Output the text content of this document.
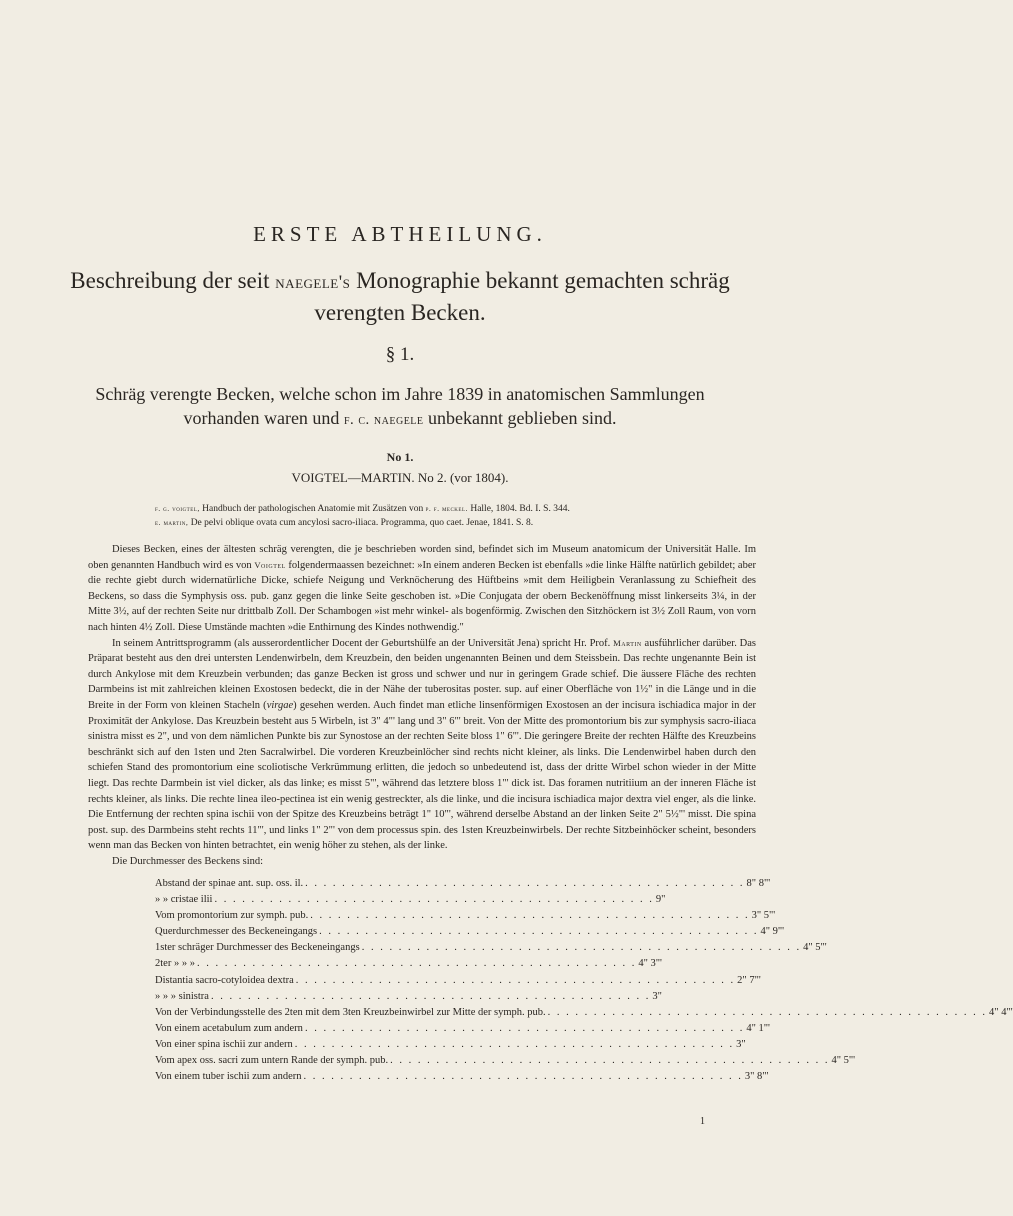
ERSTE ABTHEILUNG.
Beschreibung der seit naegele's Monographie bekannt gemachten schräg verengten Becken.
§ 1.
Schräg verengte Becken, welche schon im Jahre 1839 in anatomischen Sammlungen vorhanden waren und f. c. naegele unbekannt geblieben sind.
No 1.
VOIGTEL—MARTIN. No 2. (vor 1804).
f. g. voigtel, Handbuch der pathologischen Anatomie mit Zusätzen von p. f. meckel. Halle, 1804. Bd. I. S. 344.
e. martin, De pelvi oblique ovata cum ancylosi sacro-iliaca. Programma, quo caet. Jenae, 1841. S. 8.

Dieses Becken, eines der ältesten schräg verengten, die je beschrieben worden sind, befindet sich im Museum anatomicum der Universität Halle. Im oben genannten Handbuch wird es von Voigtel folgendermaassen bezeichnet: »In einem anderen Becken ist ebenfalls »die linke Hälfte natürlich gebildet; aber die rechte giebt durch widernatürliche Dicke, schiefe Neigung und Verknöcherung des Hüftbeins »mit dem Heiligbein Veranlassung zu Schiefheit des Beckens, so dass die Symphysis oss. pub. ganz gegen die linke Seite geschoben ist. »Die Conjugata der obern Beckenöffnung misst linkerseits 3¼, in der Mitte 3½, auf der rechten Seite nur drittbalb Zoll. Der Schambogen »ist mehr winkel- als bogenförmig. Zwischen den Sitzhöckern ist 3½ Zoll Raum, von vorn nach hinten 4½ Zoll. Diese Umstände machten »die Enthirnung des Kindes nothwendig."

In seinem Antrittsprogramm (als ausserordentlicher Docent der Geburtshülfe an der Universität Jena) spricht Hr. Prof. Martin ausführlicher darüber. Das Präparat besteht aus den drei untersten Lendenwirbeln, dem Kreuzbein, den beiden ungenannten Beinen und dem Steissbein. Das rechte ungenannte Bein ist durch Ankylose mit dem Kreuzbein verbunden; das ganze Becken ist gross und schwer und nur in geringem Grade schief. Die äussere Fläche des rechten Darmbeins ist mit zahlreichen kleinen Exostosen bedeckt, die in der Nähe der tuberositas poster. sup. auf einer Oberfläche von 1½" in die Länge und in die Breite in der Form von kleinen Stacheln (virgae) gesehen werden. Auch findet man etliche linsenförmigen Exostosen an der incisura ischiadica major in der Proximität der Ankylose. Das Kreuzbein besteht aus 5 Wirbeln, ist 3" 4"' lang und 3" 6"' breit. Von der Mitte des promontorium bis zur symphysis sacro-iliaca sinistra misst es 2", und von dem nämlichen Punkte bis zur Synostose an der rechten Seite bloss 1" 6"'. Die geringere Breite der rechten Hälfte des Kreuzbeins beschränkt sich auf den 1sten und 2ten Sacralwirbel. Die vorderen Kreuzbeinlöcher sind rechts nicht kleiner, als links. Die Lendenwirbel haben durch den schiefen Stand des promontorium eine scoliotische Verkrümmung erlitten, die jedoch so unbedeutend ist, dass der dritte Wirbel schon wieder in der Mitte liegt. Das rechte Darmbein ist viel dicker, als das linke; es misst 5"', während das letztere bloss 1"' dick ist. Das foramen nutritiium an der inneren Fläche ist rechts kleiner, als links. Die rechte linea ileo-pectinea ist ein wenig gestreckter, als die linke, und die incisura ischiadica major dextra viel enger, als die linke. Die Entfernung der rechten spina ischii von der Spitze des Kreuzbeins beträgt 1" 10"', während derselbe Abstand an der linken Seite 2" 5½"' misst. Die spina post. sup. des Darmbeins steht rechts 11"', und links 1" 2"' von dem processus spin. des 1sten Kreuzbeinwirbels. Der rechte Sitzbeinhöcker scheint, besonders wenn man das Becken von hinten betrachtet, ein wenig höher zu stehen, als der linke.

Die Durchmesser des Beckens sind:

Abstand der spinae ant. sup. oss. il. . . . . . . . . . . . . . . . . . . . . . . . . . . . . . . . . . . . . . . . . . . . . . . . . 8" 8"'
» » cristae ilii . . . . . . . . . . . . . . . . . . . . . . . . . . . . . . . . . . . . . . . . . . . . . . . . 9"
Vom promontorium zur symph. pub. . . . . . . . . . . . . . . . . . . . . . . . . . . . . . . . . . . . . . . . . . . . . . . . . 3" 5"'
Querdurchmesser des Beckeneingangs . . . . . . . . . . . . . . . . . . . . . . . . . . . . . . . . . . . . . . . . . . . . . . . . 4" 9"'
1ster schräger Durchmesser des Beckeneingangs . . . . . . . . . . . . . . . . . . . . . . . . . . . . . . . . . . . . . . . . . . . . . . . . 4" 5"'
2ter » » » . . . . . . . . . . . . . . . . . . . . . . . . . . . . . . . . . . . . . . . . . . . . . . . . 4" 3"'
Distantia sacro-cotyloidea dextra . . . . . . . . . . . . . . . . . . . . . . . . . . . . . . . . . . . . . . . . . . . . . . . . 2" 7"'
» » » sinistra . . . . . . . . . . . . . . . . . . . . . . . . . . . . . . . . . . . . . . . . . . . . . . . . 3"
Von der Verbindungsstelle des 2ten mit dem 3ten Kreuzbeinwirbel zur Mitte der symph. pub. . . . . . . . . . . . . . . . . . . . . . . . . . . . . . . . . . . . . . . . . . . . . . . . . 4" 4"'
Von einem acetabulum zum andern . . . . . . . . . . . . . . . . . . . . . . . . . . . . . . . . . . . . . . . . . . . . . . . . 4" 1"'
Von einer spina ischii zur andern . . . . . . . . . . . . . . . . . . . . . . . . . . . . . . . . . . . . . . . . . . . . . . . . 3"
Vom apex oss. sacri zum untern Rande der symph. pub. . . . . . . . . . . . . . . . . . . . . . . . . . . . . . . . . . . . . . . . . . . . . . . . . 4" 5"'
Von einem tuber ischii zum andern . . . . . . . . . . . . . . . . . . . . . . . . . . . . . . . . . . . . . . . . . . . . . . . . 3" 8"'
1
